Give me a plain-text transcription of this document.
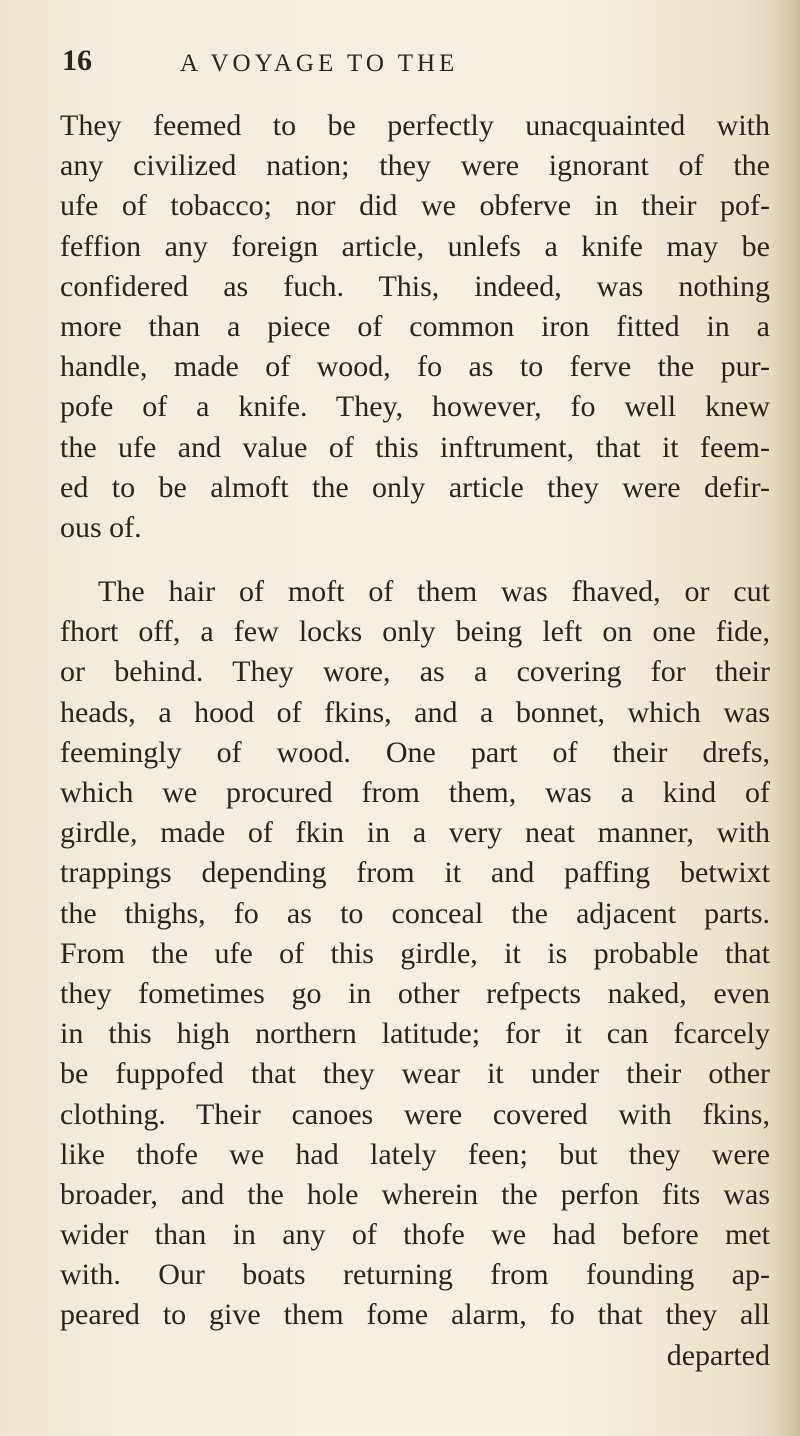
16	A VOYAGE TO THE
They feemed to be perfectly unacquainted with
any civilized nation; they were ignorant of the
ufe of tobacco; nor did we obferve in their pof-
feffion any foreign article, unlefs a knife may be
confidered as fuch. This, indeed, was nothing
more than a piece of common iron fitted in a
handle, made of wood, fo as to ferve the pur-
pofe of a knife. They, however, fo well knew
the ufe and value of this inftrument, that it feem-
ed to be almoft the only article they were defir-
ous of.
The hair of moft of them was fhaved, or cut
fhort off, a few locks only being left on one fide,
or behind. They wore, as a covering for their
heads, a hood of fkins, and a bonnet, which was
feemingly of wood. One part of their drefs,
which we procured from them, was a kind of
girdle, made of fkin in a very neat manner, with
trappings depending from it and paffing betwixt
the thighs, fo as to conceal the adjacent parts.
From the ufe of this girdle, it is probable that
they fometimes go in other refpects naked, even
in this high northern latitude; for it can fcarcely
be fuppofed that they wear it under their other
clothing. Their canoes were covered with fkins,
like thofe we had lately feen; but they were
broader, and the hole wherein the perfon fits was
wider than in any of thofe we had before met
with. Our boats returning from founding ap-
peared to give them fome alarm, fo that they all
departed
